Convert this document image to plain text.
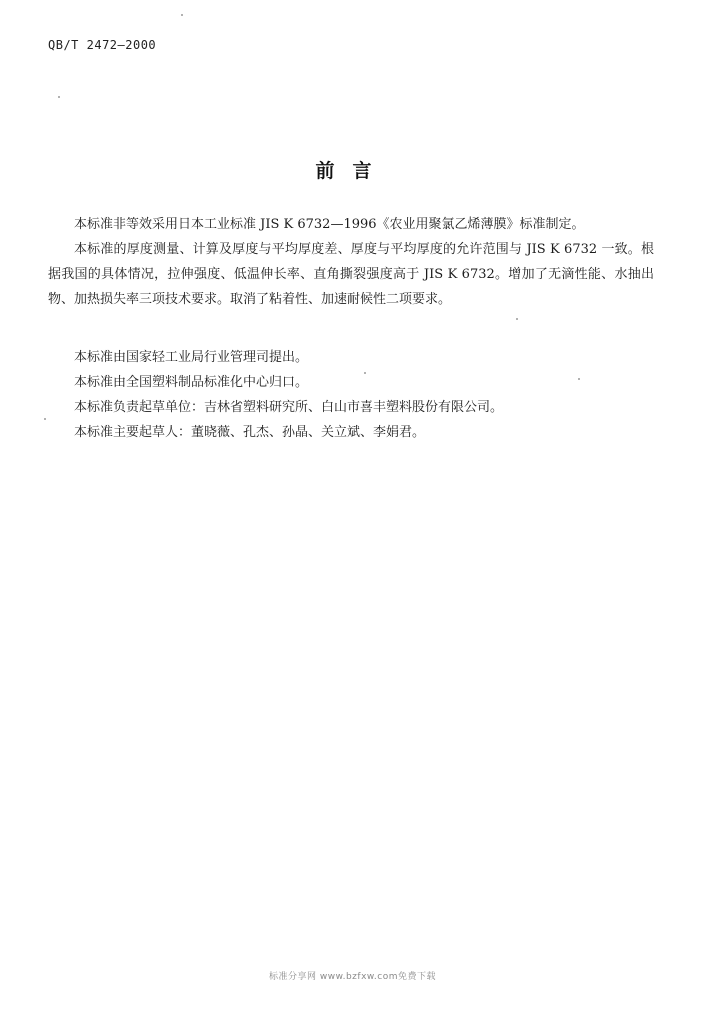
QB/T 2472—2000
前言

本标准非等效采用日本工业标准 JIS K 6732—1996《农业用聚氯乙烯薄膜》标准制定。

本标准的厚度测量、计算及厚度与平均厚度差、厚度与平均厚度的允许范围与 JIS K 6732 一致。根据我国的具体情况，拉伸强度、低温伸长率、直角撕裂强度高于 JIS K 6732。增加了无滴性能、水抽出物、加热损失率三项技术要求。取消了粘着性、加速耐候性二项要求。

本标准由国家轻工业局行业管理司提出。

本标准由全国塑料制品标准化中心归口。

本标准负责起草单位：吉林省塑料研究所、白山市喜丰塑料股份有限公司。

本标准主要起草人：董晓薇、孔杰、孙晶、关立斌、李娟君。

标准分享网 www.bzfxw.com免费下载
